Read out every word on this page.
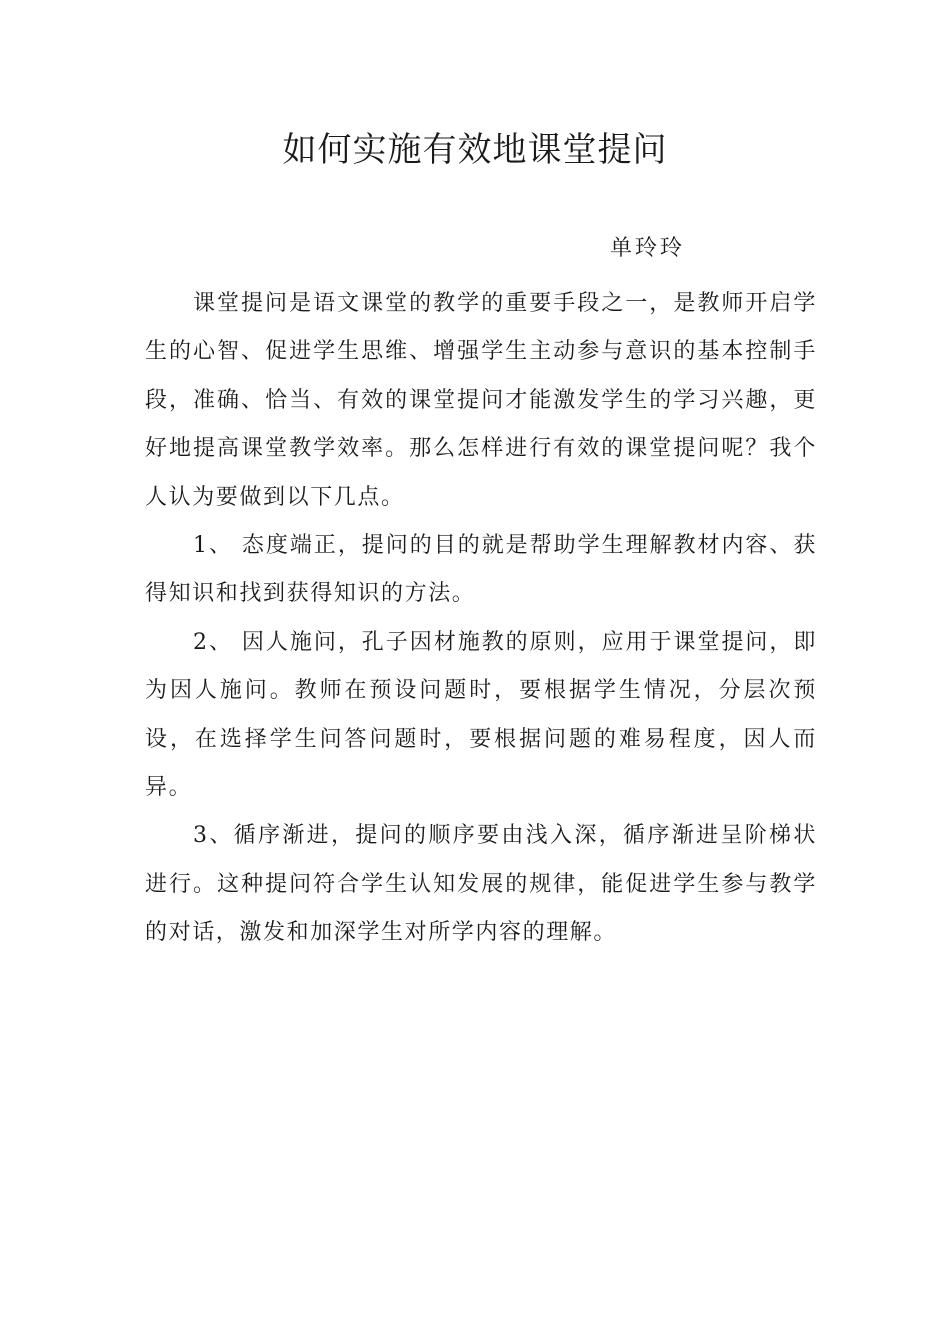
如何实施有效地课堂提问
单玲玲

课堂提问是语文课堂的教学的重要手段之一，是教师开启学生的心智、促进学生思维、增强学生主动参与意识的基本控制手段，准确、恰当、有效的课堂提问才能激发学生的学习兴趣，更好地提高课堂教学效率。那么怎样进行有效的课堂提问呢？我个人认为要做到以下几点。

1、 态度端正，提问的目的就是帮助学生理解教材内容、获得知识和找到获得知识的方法。

2、 因人施问，孔子因材施教的原则，应用于课堂提问，即为因人施问。教师在预设问题时，要根据学生情况，分层次预设，在选择学生问答问题时，要根据问题的难易程度，因人而异。

3、循序渐进，提问的顺序要由浅入深，循序渐进呈阶梯状进行。这种提问符合学生认知发展的规律，能促进学生参与教学的对话，激发和加深学生对所学内容的理解。
